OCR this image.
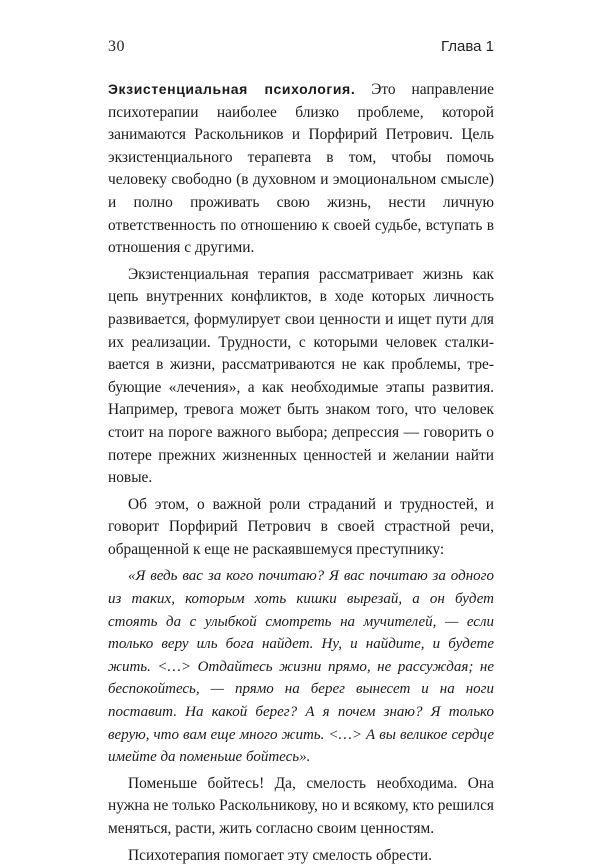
30	Глава 1

Экзистенциальная психология. Это направление психотерапии наиболее близко проблеме, которой занимаются Раскольников и Порфирий Петрович. Цель экзистенциального терапевта в том, чтобы помочь человеку свободно (в духовном и эмоциональном смысле) и полно проживать свою жизнь, нести личную ответственность по отношению к своей судьбе, вступать в отношения с другими.

Экзистенциальная терапия рассматривает жизнь как цепь внутренних конфликтов, в ходе которых личность развивается, формулирует свои ценности и ищет пути для их реализации. Трудности, с которыми человек сталкивается в жизни, рассматриваются не как проблемы, требующие «лечения», а как необходимые этапы развития. Например, тревога может быть знаком того, что человек стоит на пороге важного выбора; депрессия — говорить о потере прежних жизненных ценностей и желании найти новые.

Об этом, о важной роли страданий и трудностей, и говорит Порфирий Петрович в своей страстной речи, обращенной к еще не раскаявшемуся преступнику:

«Я ведь вас за кого почитаю? Я вас почитаю за одного из таких, которым хоть кишки вырезай, а он будет стоять да с улыбкой смотреть на мучителей, — если только веру иль бога найдет. Ну, и найдите, и будете жить. <…> Отдайтесь жизни прямо, не рассуждая; не беспокойтесь, — прямо на берег вынесет и на ноги поставит. На какой берег? А я почем знаю? Я только верую, что вам еще много жить. <…> А вы великое сердце имейте да поменьше бойтесь».

Поменьше бойтесь! Да, смелость необходима. Она нужна не только Раскольникову, но и всякому, кто решился меняться, расти, жить согласно своим ценностям.

Психотерапия помогает эту смелость обрести.
